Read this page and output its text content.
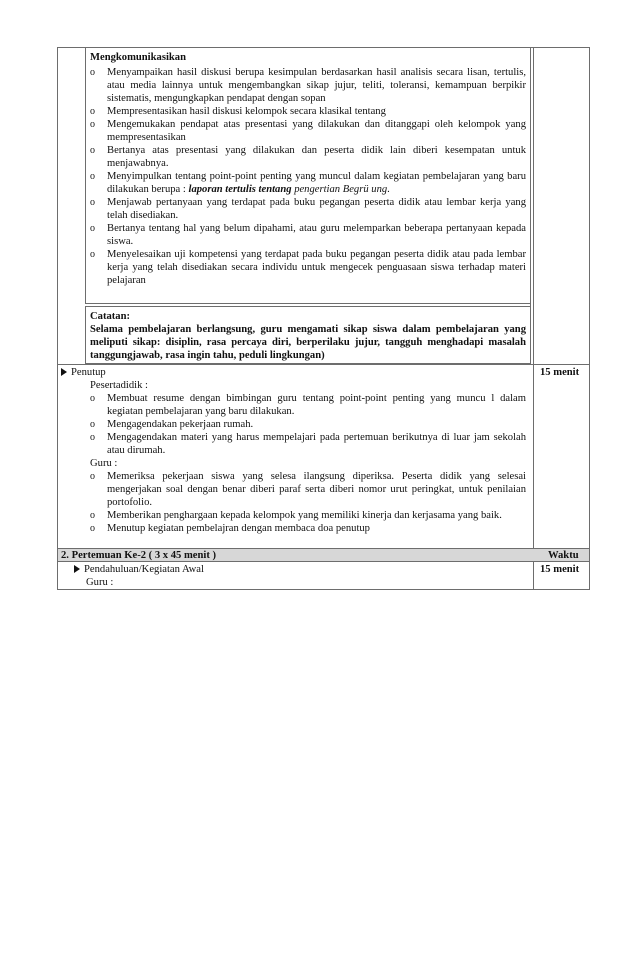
Mengkomunikasikan
o Menyampaikan hasil diskusi berupa kesimpulan berdasarkan hasil analisis secara lisan, tertulis, atau media lainnya untuk mengembangkan sikap jujur, teliti, toleransi, kemampuan berpikir sistematis, mengungkapkan pendapat dengan sopan
o Mempresentasikan hasil diskusi kelompok secara klasikal tentang
o Mengemukakan pendapat atas presentasi yang dilakukan dan ditanggapi oleh kelompok yang mempresentasikan
o Bertanya atas presentasi yang dilakukan dan peserta didik lain diberi kesempatan untuk menjawabnya.
o Menyimpulkan tentang point-point penting yang muncul dalam kegiatan pembelajaran yang baru dilakukan berupa : laporan tertulis tentang pengertian Begrü ung.
o Menjawab pertanyaan yang terdapat pada buku pegangan peserta didik atau lembar kerja yang telah disediakan.
o Bertanya tentang hal yang belum dipahami, atau guru melemparkan beberapa pertanyaan kepada siswa.
o Menyelesaikan uji kompetensi yang terdapat pada buku pegangan peserta didik atau pada lembar kerja yang telah disediakan secara individu untuk mengecek penguasaan siswa terhadap materi pelajaran
Catatan:
Selama pembelajaran berlangsung, guru mengamati sikap siswa dalam pembelajaran yang meliputi sikap: disiplin, rasa percaya diri, berperilaku jujur, tangguh menghadapi masalah tanggungjawab, rasa ingin tahu, peduli lingkungan)
Penutup	15 menit
Pesertadidik :
o Membuat resume dengan bimbingan guru tentang point-point penting yang muncu l dalam kegiatan pembelajaran yang baru dilakukan.
o Mengagendakan pekerjaan rumah.
o Mengagendakan materi yang harus mempelajari pada pertemuan berikutnya di luar jam sekolah atau dirumah.
Guru :
o Memeriksa pekerjaan siswa yang selesa ilangsung diperiksa. Peserta didik yang selesai mengerjakan soal dengan benar diberi paraf serta diberi nomor urut peringkat, untuk penilaian portofolio.
o Memberikan penghargaan kepada kelompok yang memiliki kinerja dan kerjasama yang baik.
o Menutup kegiatan pembelajran dengan membaca doa penutup
2. Pertemuan Ke-2 ( 3 x 45 menit )	Waktu
Pendahuluan/Kegiatan Awal	15 menit
Guru :
